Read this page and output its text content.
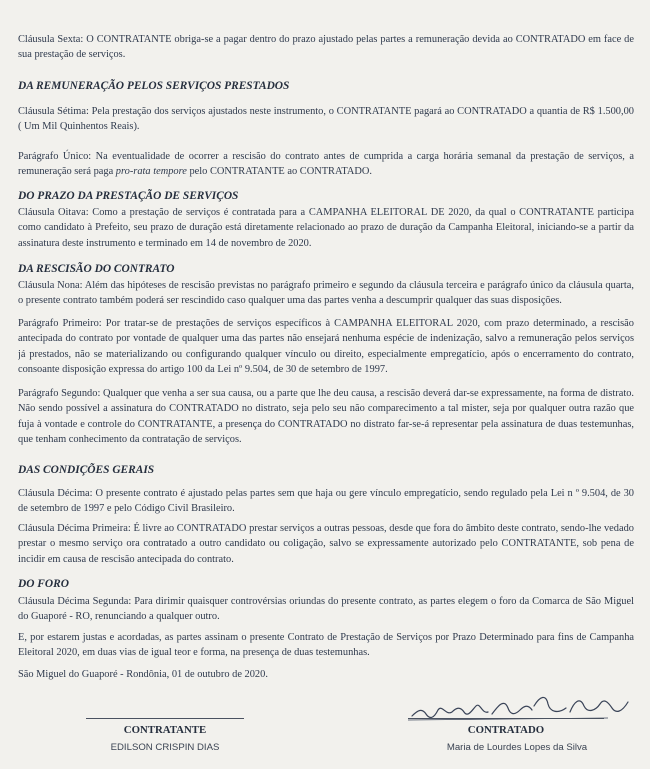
Cláusula Sexta: O CONTRATANTE obriga-se a pagar dentro do prazo ajustado pelas partes a remuneração devida ao CONTRATADO em face de sua prestação de serviços.

DA REMUNERAÇÃO PELOS SERVIÇOS PRESTADOS

Cláusula Sétima: Pela prestação dos serviços ajustados neste instrumento, o CONTRATANTE pagará ao CONTRATADO a quantia de R$ 1.500,00 ( Um Mil Quinhentos Reais).

Parágrafo Único: Na eventualidade de ocorrer a rescisão do contrato antes de cumprida a carga horária semanal da prestação de serviços, a remuneração será paga pro-rata tempore pelo CONTRATANTE ao CONTRATADO.

DO PRAZO DA PRESTAÇÃO DE SERVIÇOS

Cláusula Oitava: Como a prestação de serviços é contratada para a CAMPANHA ELEITORAL DE 2020, da qual o CONTRATANTE participa como candidato à Prefeito, seu prazo de duração está diretamente relacionado ao prazo de duração da Campanha Eleitoral, iniciando-se a partir da assinatura deste instrumento e terminado em 14 de novembro de 2020.

DA RESCISÃO DO CONTRATO

Cláusula Nona: Além das hipóteses de rescisão previstas no parágrafo primeiro e segundo da cláusula terceira e parágrafo único da cláusula quarta, o presente contrato também poderá ser rescindido caso qualquer uma das partes venha a descumprir qualquer das suas disposições.

Parágrafo Primeiro: Por tratar-se de prestações de serviços específicos à CAMPANHA ELEITORAL 2020, com prazo determinado, a rescisão antecipada do contrato por vontade de qualquer uma das partes não ensejará nenhuma espécie de indenização, salvo a remuneração pelos serviços já prestados, não se materializando ou configurando qualquer vínculo ou direito, especialmente empregatício, após o encerramento do contrato, consoante disposição expressa do artigo 100 da Lei nº 9.504, de 30 de setembro de 1997.

Parágrafo Segundo: Qualquer que venha a ser sua causa, ou a parte que lhe deu causa, a rescisão deverá dar-se expressamente, na forma de distrato. Não sendo possível a assinatura do CONTRATADO no distrato, seja pelo seu não comparecimento a tal mister, seja por qualquer outra razão que fuja à vontade e controle do CONTRATANTE, a presença do CONTRATADO no distrato far-se-á representar pela assinatura de duas testemunhas, que tenham conhecimento da contratação de serviços.

DAS CONDIÇÕES GERAIS

Cláusula Décima: O presente contrato é ajustado pelas partes sem que haja ou gere vínculo empregatício, sendo regulado pela Lei n º 9.504, de 30 de setembro de 1997 e pelo Código Civil Brasileiro.

Cláusula Décima Primeira: É livre ao CONTRATADO prestar serviços a outras pessoas, desde que fora do âmbito deste contrato, sendo-lhe vedado prestar o mesmo serviço ora contratado a outro candidato ou coligação, salvo se expressamente autorizado pelo CONTRATANTE, sob pena de incidir em causa de rescisão antecipada do contrato.

DO FORO

Cláusula Décima Segunda: Para dirimir quaisquer controvérsias oriundas do presente contrato, as partes elegem o foro da Comarca de São Miguel do Guaporé - RO, renunciando a qualquer outro.

E, por estarem justas e acordadas, as partes assinam o presente Contrato de Prestação de Serviços por Prazo Determinado para fins de Campanha Eleitoral 2020, em duas vias de igual teor e forma, na presença de duas testemunhas.

São Miguel do Guaporé - Rondônia, 01 de outubro de 2020.

CONTRATANTE
EDILSON CRISPIN DIAS
CONTRATADO
Maria de Lourdes Lopes da Silva
